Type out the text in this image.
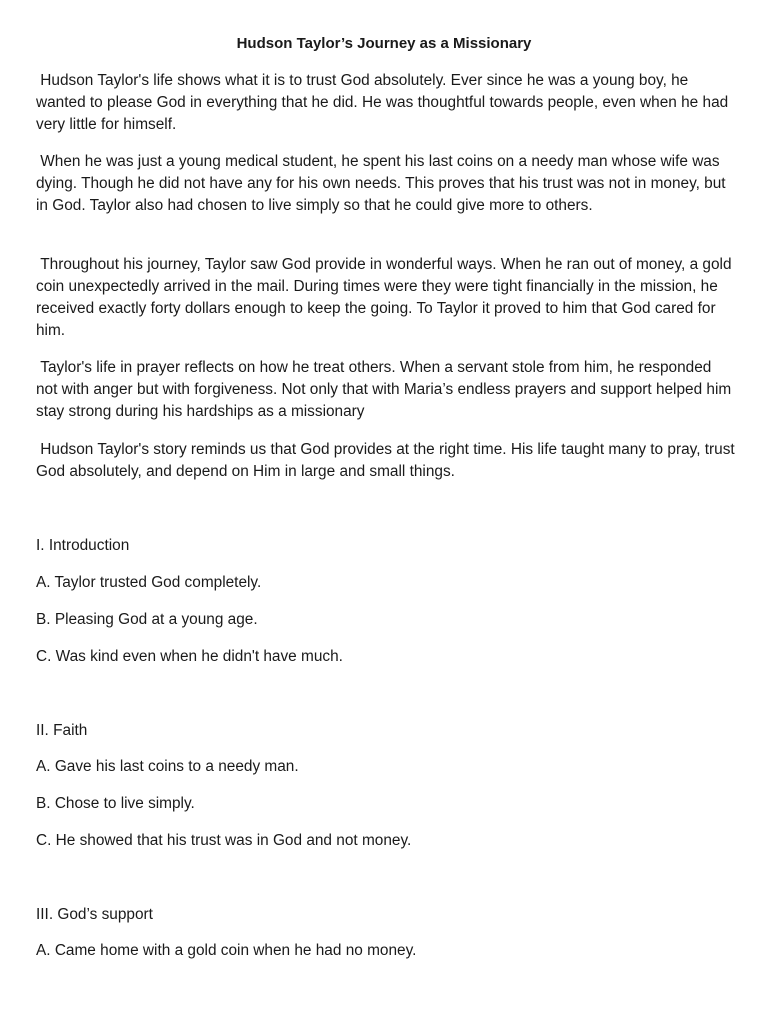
Hudson Taylor’s Journey as a Missionary

Hudson Taylor's life shows what it is to trust God absolutely. Ever since he was a young boy, he wanted to please God in everything that he did. He was thoughtful towards people, even when he had very little for himself.

When he was just a young medical student, he spent his last coins on a needy man whose wife was dying. Though he did not have any for his own needs. This proves that his trust was not in money, but in God. Taylor also had chosen to live simply so that he could give more to others.

Throughout his journey, Taylor saw God provide in wonderful ways. When he ran out of money, a gold coin unexpectedly arrived in the mail. During times were they were tight financially in the mission, he received exactly forty dollars enough to keep the going. To Taylor it proved to him that God cared for him.

Taylor's life in prayer reflects on how he treat others. When a servant stole from him, he responded not with anger but with forgiveness. Not only that with Maria’s endless prayers and support helped him stay strong during his hardships as a missionary

Hudson Taylor's story reminds us that God provides at the right time. His life taught many to pray, trust God absolutely, and depend on Him in large and small things.

I. Introduction

A. Taylor trusted God completely.

B. Pleasing God at a young age.

C. Was kind even when he didn't have much.

II. Faith

A. Gave his last coins to a needy man.

B. Chose to live simply.

C. He showed that his trust was in God and not money.

III. God’s support

A. Came home with a gold coin when he had no money.
